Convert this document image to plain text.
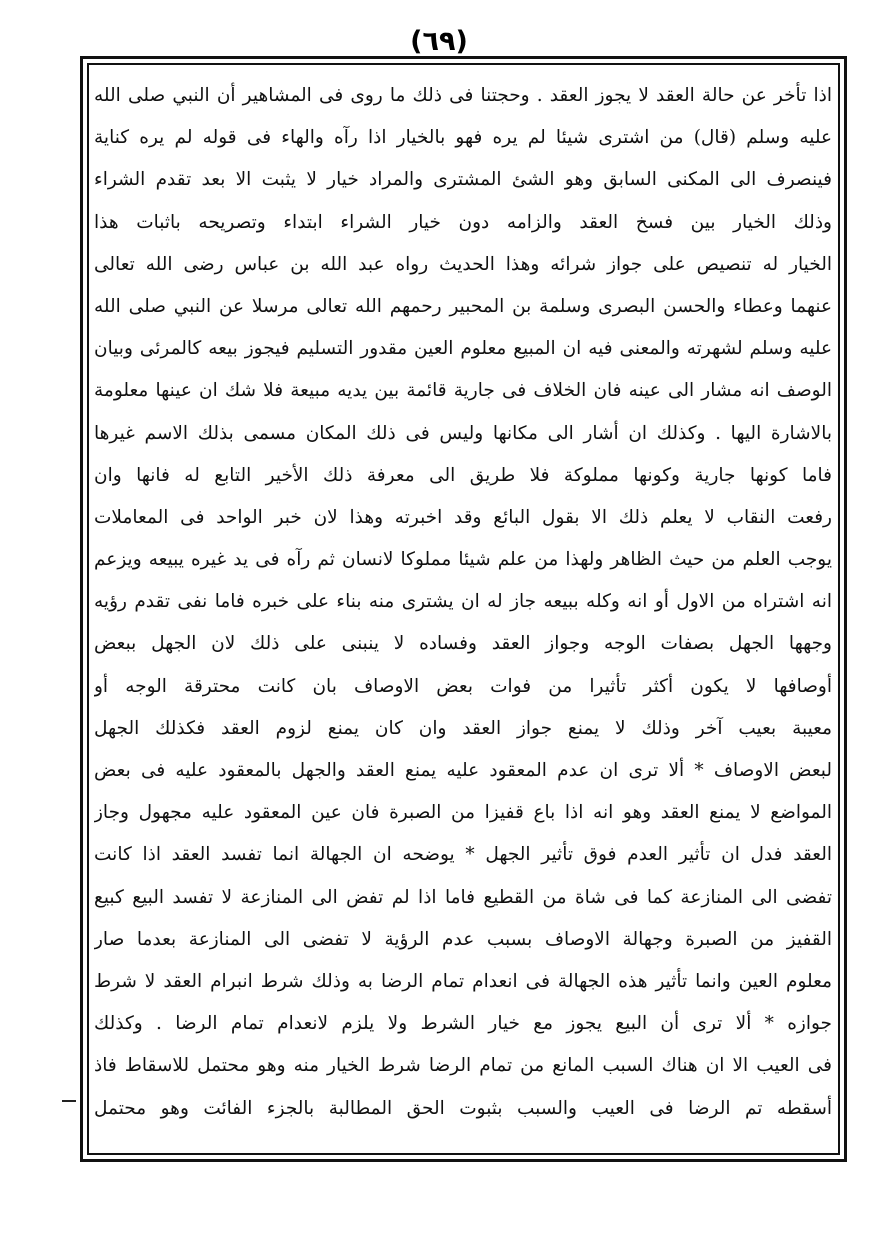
(٦٩)
اذا تأخر عن حالة العقد لا يجوز العقد . وحجتنا فى ذلك ما روى فى المشاهير أن النبي صلى الله
عليه وسلم (قال) من اشترى شيئا لم يره فهو بالخيار اذا رآه والهاء فى قوله لم يره كناية
فينصرف الى المكنى السابق وهو الشئ المشترى والمراد خيار لا يثبت الا بعد تقدم الشراء
وذلك الخيار بين فسخ العقد والزامه دون خيار الشراء ابتداء وتصريحه باثبات هذا
الخيار له تنصيص على جواز شرائه وهذا الحديث رواه عبد الله بن عباس رضى الله تعالى
عنهما وعطاء والحسن البصرى وسلمة بن المحبير رحمهم الله تعالى مرسلا عن النبي صلى الله
عليه وسلم لشهرته والمعنى فيه ان المبيع معلوم العين مقدور التسليم فيجوز بيعه كالمرئى وبيان
الوصف انه مشار الى عينه فان الخلاف فى جارية قائمة بين يديه مبيعة فلا شك ان عينها معلومة
بالاشارة اليها . وكذلك ان أشار الى مكانها وليس فى ذلك المكان مسمى بذلك الاسم غيرها
فاما كونها جارية وكونها مملوكة فلا طريق الى معرفة ذلك الأخير التابع له فانها وان
رفعت النقاب لا يعلم ذلك الا بقول البائع وقد اخبرته وهذا لان خبر الواحد فى المعاملات
يوجب العلم من حيث الظاهر ولهذا من علم شيئا مملوكا لانسان ثم رآه فى يد غيره يبيعه ويزعم
انه اشتراه من الاول أو انه وكله ببيعه جاز له ان يشترى منه بناء على خبره فاما نفى تقدم رؤيه
وجهها الجهل بصفات الوجه وجواز العقد وفساده لا ينبنى على ذلك لان الجهل ببعض
أوصافها لا يكون أكثر تأثيرا من فوات بعض الاوصاف بان كانت محترقة الوجه أو
معيبة بعيب آخر وذلك لا يمنع جواز العقد وان كان يمنع لزوم العقد فكذلك الجهل
لبعض الاوصاف * ألا ترى ان عدم المعقود عليه يمنع العقد والجهل بالمعقود عليه فى بعض
المواضع لا يمنع العقد وهو انه اذا باع قفيزا من الصبرة فان عين المعقود عليه مجهول وجاز
العقد فدل ان تأثير العدم فوق تأثير الجهل * يوضحه ان الجهالة انما تفسد العقد اذا كانت
تفضى الى المنازعة كما فى شاة من القطيع فاما اذا لم تفض الى المنازعة لا تفسد البيع كبيع
القفيز من الصبرة وجهالة الاوصاف بسبب عدم الرؤية لا تفضى الى المنازعة بعدما صار
معلوم العين وانما تأثير هذه الجهالة فى انعدام تمام الرضا به وذلك شرط انبرام العقد لا شرط
جوازه * ألا ترى أن البيع يجوز مع خيار الشرط ولا يلزم لانعدام تمام الرضا . وكذلك
فى العيب الا ان هناك السبب المانع من تمام الرضا شرط الخيار منه وهو محتمل للاسقاط فاذ
أسقطه تم الرضا فى العيب والسبب بثبوت الحق المطالبة بالجزء الفائت وهو محتمل
